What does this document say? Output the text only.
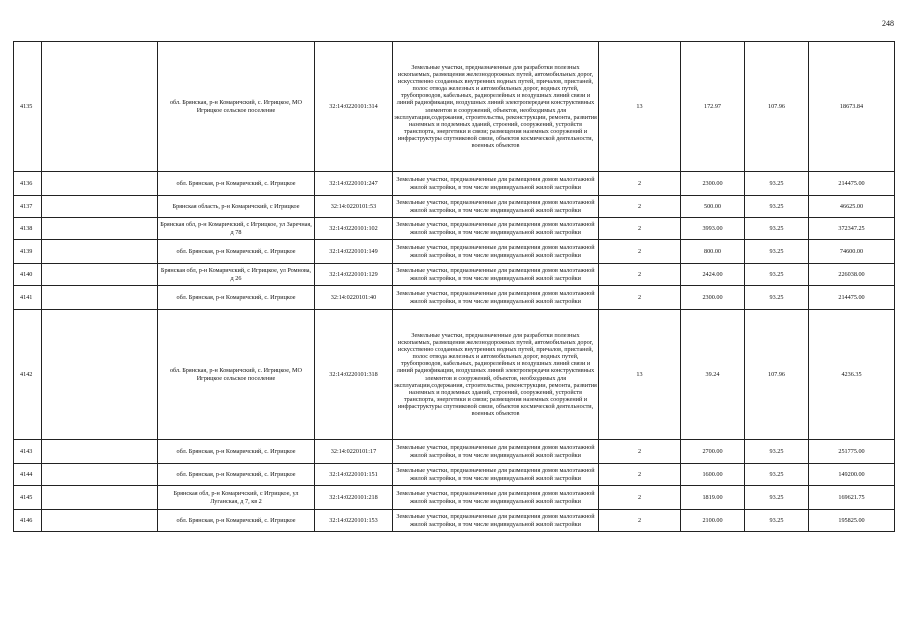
248
4135		обл. Брянская, р-н Комаричский, с. Игрицкое, МО Игрицкое сельское поселение	32:14:0220101:314	Земельные участки, предназначенные для разработки полезных ископаемых, размещения железнодорожных путей, автомобильных дорог, искусственно созданных внутренних водных путей, причалов, пристаней, полос отвода железных и автомобильных дорог, водных путей, трубопроводов, кабельных, радиорелейных и воздушных линий связи и линий радиофикации, воздушных линий электропередачи конструктивных элементов и сооружений, объектов, необходимых для эксплуатации,содержания, строительства, реконструкции, ремонта, развития наземных и подземных зданий, строений, сооружений, устройств транспорта, энергетики и связи; размещения наземных сооружений и инфраструктуры спутниковой связи, объектов космической деятельности, военных объектов	13	172.97	107.96	18673.84
4136		обл. Брянская, р-н Комаричский, с. Игрицкое	32:14:0220101:247	Земельные участки, предназначенные для размещения домов малоэтажной жилой застройки, в том числе индивидуальной жилой застройки	2	2300.00	93.25	214475.00
4137		Брянская область, р-н Комаричский, с Игрицкое	32:14:0220101:53	Земельные участки, предназначенные для размещения домов малоэтажной жилой застройки, в том числе индивидуальной жилой застройки	2	500.00	93.25	46625.00
4138		Брянская обл, р-н Комаричский, с Игрицкое, ул Заречная, д 78	32:14:0220101:102	Земельные участки, предназначенные для размещения домов малоэтажной жилой застройки, в том числе индивидуальной жилой застройки	2	3993.00	93.25	372347.25
4139		обл. Брянская, р-н Комаричский, с. Игрицкое	32:14:0220101:149	Земельные участки, предназначенные для размещения домов малоэтажной жилой застройки, в том числе индивидуальной жилой застройки	2	800.00	93.25	74600.00
4140		Брянская обл, р-н Комаричский, с Игрицкое, ул Ромнова, д 26	32:14:0220101:129	Земельные участки, предназначенные для размещения домов малоэтажной жилой застройки, в том числе индивидуальной жилой застройки	2	2424.00	93.25	226038.00
4141		обл. Брянская, р-н Комаричский, с. Игрицкое	32:14:0220101:40	Земельные участки, предназначенные для размещения домов малоэтажной жилой застройки, в том числе индивидуальной жилой застройки	2	2300.00	93.25	214475.00
4142		обл. Брянская, р-н Комаричский, с. Игрицкое, МО Игрицкое сельское поселение	32:14:0220101:318	Земельные участки, предназначенные для разработки полезных ископаемых, размещения железнодорожных путей, автомобильных дорог, искусственно созданных внутренних водных путей, причалов, пристаней, полос отвода железных и автомобильных дорог, водных путей, трубопроводов, кабельных, радиорелейных и воздушных линий связи и линий радиофикации, воздушных линий электропередачи конструктивных элементов и сооружений, объектов, необходимых для эксплуатации,содержания, строительства, реконструкции, ремонта, развития наземных и подземных зданий, строений, сооружений, устройств транспорта, энергетики и связи; размещения наземных сооружений и инфраструктуры спутниковой связи, объектов космической деятельности, военных объектов	13	39.24	107.96	4236.35
4143		обл. Брянская, р-н Комаричский, с. Игрицкое	32:14:0220101:17	Земельные участки, предназначенные для размещения домов малоэтажной жилой застройки, в том числе индивидуальной жилой застройки	2	2700.00	93.25	251775.00
4144		обл. Брянская, р-н Комаричский, с. Игрицкое	32:14:0220101:151	Земельные участки, предназначенные для размещения домов малоэтажной жилой застройки, в том числе индивидуальной жилой застройки	2	1600.00	93.25	149200.00
4145		Брянская обл, р-н Комаричский, с Игрицкое, ул Луганская, д 7, кв 2	32:14:0220101:218	Земельные участки, предназначенные для размещения домов малоэтажной жилой застройки, в том числе индивидуальной жилой застройки	2	1819.00	93.25	169621.75
4146		обл. Брянская, р-н Комаричский, с. Игрицкое	32:14:0220101:153	Земельные участки, предназначенные для размещения домов малоэтажной жилой застройки, в том числе индивидуальной жилой застройки	2	2100.00	93.25	195825.00
